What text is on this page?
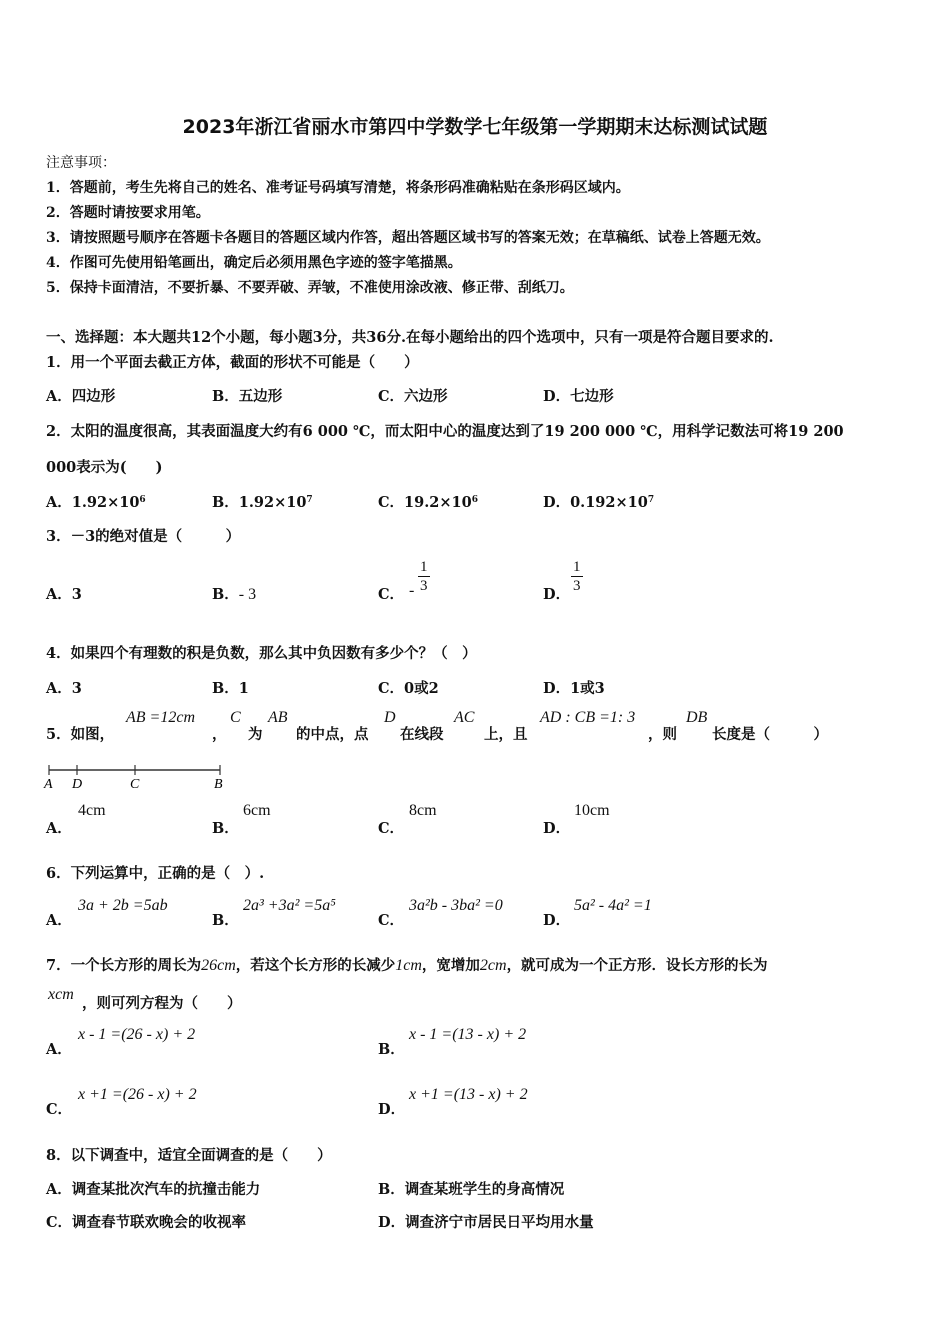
2023年浙江省丽水市第四中学数学七年级第一学期期末达标测试试题
注意事项：
1．答题前，考生先将自己的姓名、准考证号码填写清楚，将条形码准确粘贴在条形码区域内。
2．答题时请按要求用笔。
3．请按照题号顺序在答题卡各题目的答题区域内作答，超出答题区域书写的答案无效；在草稿纸、试卷上答题无效。
4．作图可先使用铅笔画出，确定后必须用黑色字迹的签字笔描黑。
5．保持卡面清洁，不要折暴、不要弄破、弄皱，不准使用涂改液、修正带、刮纸刀。
一、选择题：本大题共12个小题，每小题3分，共36分.在每小题给出的四个选项中，只有一项是符合题目要求的.
1．用一个平面去截正方体，截面的形状不可能是（　　）
A．四边形	B．五边形	C．六边形	D．七边形
2．太阳的温度很高，其表面温度大约有6 000 ℃，而太阳中心的温度达到了19 200 000 ℃，用科学记数法可将19 200
000表示为(　　)
A．$1.92\times 10^6$	B．$1.92\times 10^7$	C．$19.2\times 10^6$	D．$0.192\times 10^7$
3．－3的绝对值是（　　　）
A．3	B．- 3	C． - $\frac{1}{3}$	D． $\frac{1}{3}$
4．如果四个有理数的积是负数，那么其中负因数有多少个？（　）
A．3	B．1	C．0或2	D．1或3
5．如图，
AB =12cm
，
C
为
AB
的中点，点
D
在线段
AC
上，且
AD : CB =1: 3
，则
DB
长度是（　　　）
A D	C	B
A．
4cm
B．
6cm
C．
8cm
D．
10cm
6．下列运算中，正确的是（　）.
A．
3a + 2b =5ab
B．
2a³ +3a² =5a⁵
C．
3a²b - 3ba² =0
D．
5a² - 4a² =1
7．一个长方形的周长为26cm，若这个长方形的长减少1cm，宽增加2cm，就可成为一个正方形．设长方形的长为
xcm
，则可列方程为（　　）
A．
x - 1 =(26 - x) + 2
B．
x - 1 =(13 - x) + 2
C．
x +1 =(26 - x) + 2
D．
x +1 =(13 - x) + 2
8．以下调查中，适宜全面调查的是（　　）
A．调查某批次汽车的抗撞击能力	B．调查某班学生的身高情况
C．调查春节联欢晚会的收视率	D．调查济宁市居民日平均用水量
